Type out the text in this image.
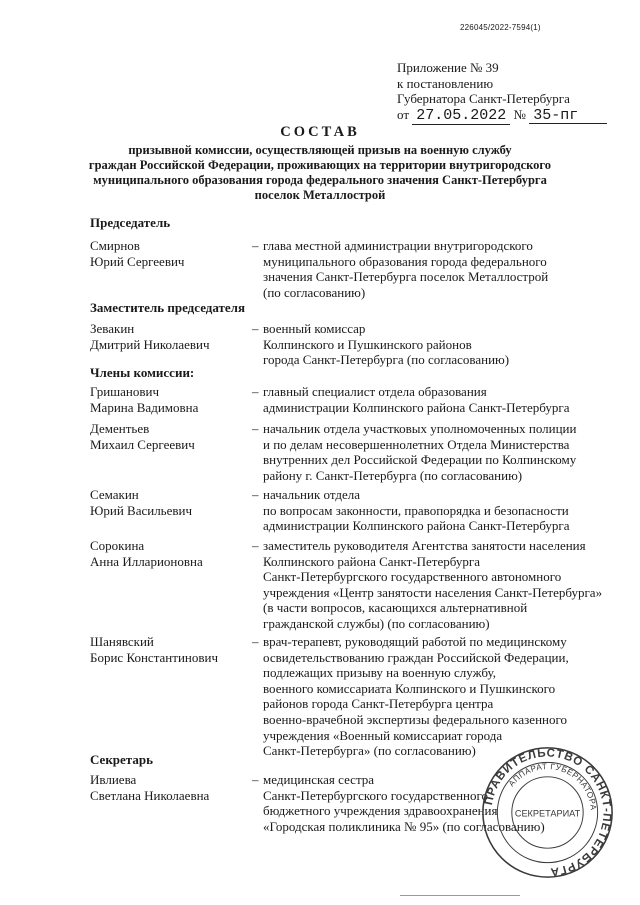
226045/2022-7594(1)
Приложение № 39
к постановлению
Губернатора Санкт-Петербурга
от 27.05.2022 № 35-пг
СОСТАВ
призывной комиссии, осуществляющей призыв на военную службу
граждан Российской Федерации, проживающих на территории внутригородского
муниципального образования города федерального значения Санкт-Петербурга
поселок Металлострой
Председатель
Смирнов
Юрий Сергеевич
– глава местной администрации внутригородского
муниципального образования города федерального
значения Санкт-Петербурга поселок Металлострой
(по согласованию)
Заместитель председателя
Зевакин
Дмитрий Николаевич
– военный комиссар
Колпинского и Пушкинского районов
города Санкт-Петербурга (по согласованию)
Члены комиссии:
Гришанович
Марина Вадимовна
– главный специалист отдела образования
администрации Колпинского района Санкт-Петербурга
Дементьев
Михаил Сергеевич
– начальник отдела участковых уполномоченных полиции
и по делам несовершеннолетних Отдела Министерства
внутренних дел Российской Федерации по Колпинскому
району г. Санкт-Петербурга (по согласованию)
Семакин
Юрий Васильевич
– начальник отдела
по вопросам законности, правопорядка и безопасности
администрации Колпинского района Санкт-Петербурга
Сорокина
Анна Илларионовна
– заместитель руководителя Агентства занятости населения
Колпинского района Санкт-Петербурга
Санкт-Петербургского государственного автономного
учреждения «Центр занятости населения Санкт-Петербурга»
(в части вопросов, касающихся альтернативной
гражданской службы) (по согласованию)
Шанявский
Борис Константинович
– врач-терапевт, руководящий работой по медицинскому
освидетельствованию граждан Российской Федерации,
подлежащих призыву на военную службу,
военного комиссариата Колпинского и Пушкинского
районов города Санкт-Петербурга центра
военно-врачебной экспертизы федерального казенного
учреждения «Военный комиссариат города
Санкт-Петербурга» (по согласованию)
Секретарь
Ивлиева
Светлана Николаевна
– медицинская сестра
Санкт-Петербургского государственного
бюджетного учреждения здравоохранения
«Городская поликлиника № 95» (по согласованию)
ПРАВИТЕЛЬСТВО САНКТ-ПЕТЕРБУРГА
АППАРАТ ГУБЕРНАТОРА
СЕКРЕТАРИАТ
